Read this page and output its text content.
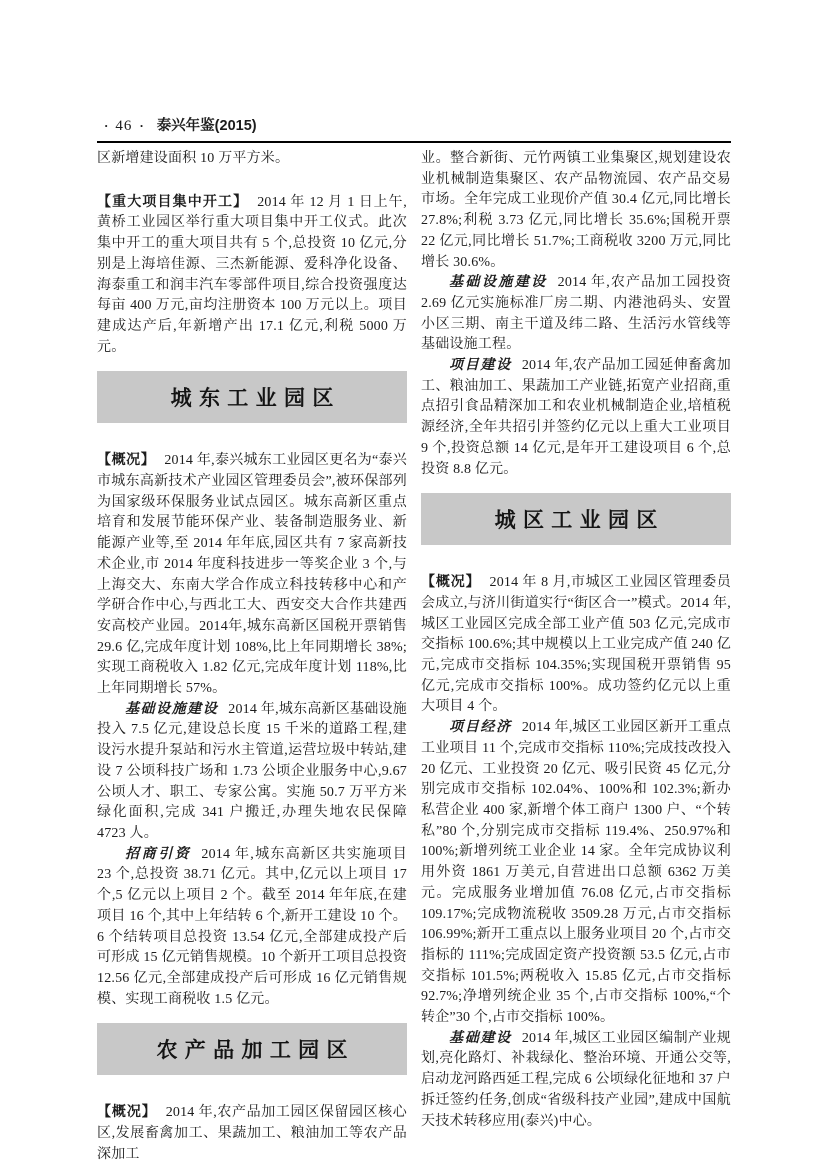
· 46 · 泰兴年鉴(2015)

区新增建设面积 10 万平方米。

【重大项目集中开工】 2014 年 12 月 1 日上午,黄桥工业园区举行重大项目集中开工仪式。此次集中开工的重大项目共有 5 个,总投资 10 亿元,分别是上海培佳源、三杰新能源、爱科净化设备、海泰重工和润丰汽车零部件项目,综合投资强度达每亩 400 万元,亩均注册资本 100 万元以上。项目建成达产后,年新增产出 17.1 亿元,利税 5000 万元。

城东工业园区

【概况】 2014 年,泰兴城东工业园区更名为“泰兴市城东高新技术产业园区管理委员会”,被环保部列为国家级环保服务业试点园区。城东高新区重点培育和发展节能环保产业、装备制造服务业、新能源产业等,至 2014 年年底,园区共有 7 家高新技术企业,市 2014 年度科技进步一等奖企业 3 个,与上海交大、东南大学合作成立科技转移中心和产学研合作中心,与西北工大、西安交大合作共建西安高校产业园。2014年,城东高新区国税开票销售 29.6 亿,完成年度计划 108%,比上年同期增长 38%;实现工商税收入 1.82 亿元,完成年度计划 118%,比上年同期增长 57%。

基础设施建设 2014 年,城东高新区基础设施投入 7.5 亿元,建设总长度 15 千米的道路工程,建设污水提升泵站和污水主管道,运营垃圾中转站,建设 7 公顷科技广场和 1.73 公顷企业服务中心,9.67 公顷人才、职工、专家公寓。实施 50.7 万平方米绿化面积,完成 341 户搬迁,办理失地农民保障 4723 人。

招商引资 2014 年,城东高新区共实施项目 23 个,总投资 38.71 亿元。其中,亿元以上项目 17 个,5 亿元以上项目 2 个。截至 2014 年年底,在建项目 16 个,其中上年结转 6 个,新开工建设 10 个。6 个结转项目总投资 13.54 亿元,全部建成投产后可形成 15 亿元销售规模。10 个新开工项目总投资 12.56 亿元,全部建成投产后可形成 16 亿元销售规模、实现工商税收 1.5 亿元。

农产品加工园区

【概况】 2014 年,农产品加工园区保留园区核心区,发展畜禽加工、果蔬加工、粮油加工等农产品深加工

业。整合新街、元竹两镇工业集聚区,规划建设农业机械制造集聚区、农产品物流园、农产品交易市场。全年完成工业现价产值 30.4 亿元,同比增长 27.8%;利税 3.73 亿元,同比增长 35.6%;国税开票 22 亿元,同比增长 51.7%;工商税收 3200 万元,同比增长 30.6%。

基础设施建设 2014 年,农产品加工园投资 2.69 亿元实施标准厂房二期、内港池码头、安置小区三期、南主干道及纬二路、生活污水管线等基础设施工程。

项目建设 2014 年,农产品加工园延伸畜禽加工、粮油加工、果蔬加工产业链,拓宽产业招商,重点招引食品精深加工和农业机械制造企业,培植税源经济,全年共招引并签约亿元以上重大工业项目 9 个,投资总额 14 亿元,是年开工建设项目 6 个,总投资 8.8 亿元。

城区工业园区

【概况】 2014 年 8 月,市城区工业园区管理委员会成立,与济川街道实行“街区合一”模式。2014 年,城区工业园区完成全部工业产值 503 亿元,完成市交指标 100.6%;其中规模以上工业完成产值 240 亿元,完成市交指标 104.35%;实现国税开票销售 95 亿元,完成市交指标 100%。成功签约亿元以上重大项目 4 个。

项目经济 2014 年,城区工业园区新开工重点工业项目 11 个,完成市交指标 110%;完成技改投入 20 亿元、工业投资 20 亿元、吸引民资 45 亿元,分别完成市交指标 102.04%、100%和 102.3%;新办私营企业 400 家,新增个体工商户 1300 户、“个转私”80 个,分别完成市交指标 119.4%、250.97%和 100%;新增列统工业企业 14 家。全年完成协议利用外资 1861 万美元,自营进出口总额 6362 万美元。完成服务业增加值 76.08 亿元,占市交指标 109.17%;完成物流税收 3509.28 万元,占市交指标 106.99%;新开工重点以上服务业项目 20 个,占市交指标的 111%;完成固定资产投资额 53.5 亿元,占市交指标 101.5%;两税收入 15.85 亿元,占市交指标 92.7%;净增列统企业 35 个,占市交指标 100%,“个转企”30 个,占市交指标 100%。

基础建设 2014 年,城区工业园区编制产业规划,亮化路灯、补栽绿化、整治环境、开通公交等,启动龙河路西延工程,完成 6 公顷绿化征地和 37 户拆迁签约任务,创成“省级科技产业园”,建成中国航天技术转移应用(泰兴)中心。
